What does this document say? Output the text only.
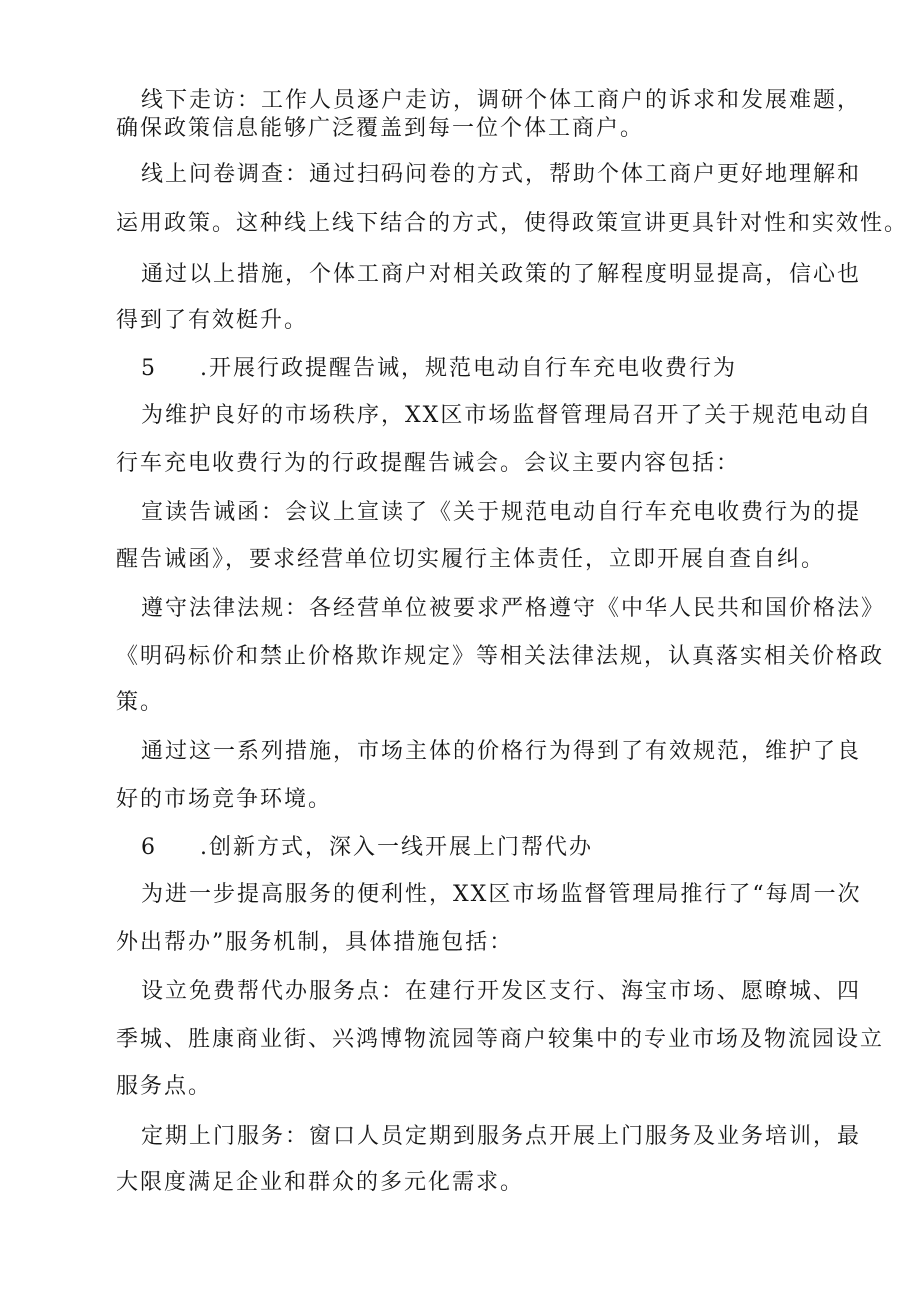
线下走访：工作人员逐户走访，调研个体工商户的诉求和发展难题，
确保政策信息能够广泛覆盖到每一位个体工商户。
线上问卷调查：通过扫码问卷的方式，帮助个体工商户更好地理解和
运用政策。这种线上线下结合的方式，使得政策宣讲更具针对性和实效性。
通过以上措施，个体工商户对相关政策的了解程度明显提高，信心也
得到了有效梃升。
5 .开展行政提醒告诫，规范电动自行车充电收费行为
为维护良好的市场秩序，XX区市场监督管理局召开了关于规范电动自
行车充电收费行为的行政提醒告诫会。会议主要内容包括：
宣读告诫函：会议上宣读了《关于规范电动自行车充电收费行为的提
醒告诫函》，要求经营单位切实履行主体责任，立即开展自查自纠。
遵守法律法规：各经营单位被要求严格遵守《中华人民共和国价格法》
《明码标价和禁止价格欺诈规定》等相关法律法规，认真落实相关价格政
策。
通过这一系列措施，市场主体的价格行为得到了有效规范，维护了良
好的市场竞争环境。
6 .创新方式，深入一线开展上门帮代办
为进一步提高服务的便利性，XX区市场监督管理局推行了“每周一次
外出帮办”服务机制，具体措施包括：
设立免费帮代办服务点：在建行开发区支行、海宝市场、愿暸城、四
季城、胜康商业街、兴鸿博物流园等商户较集中的专业市场及物流园设立
服务点。
定期上门服务：窗口人员定期到服务点开展上门服务及业务培训，最
大限度满足企业和群众的多元化需求。
